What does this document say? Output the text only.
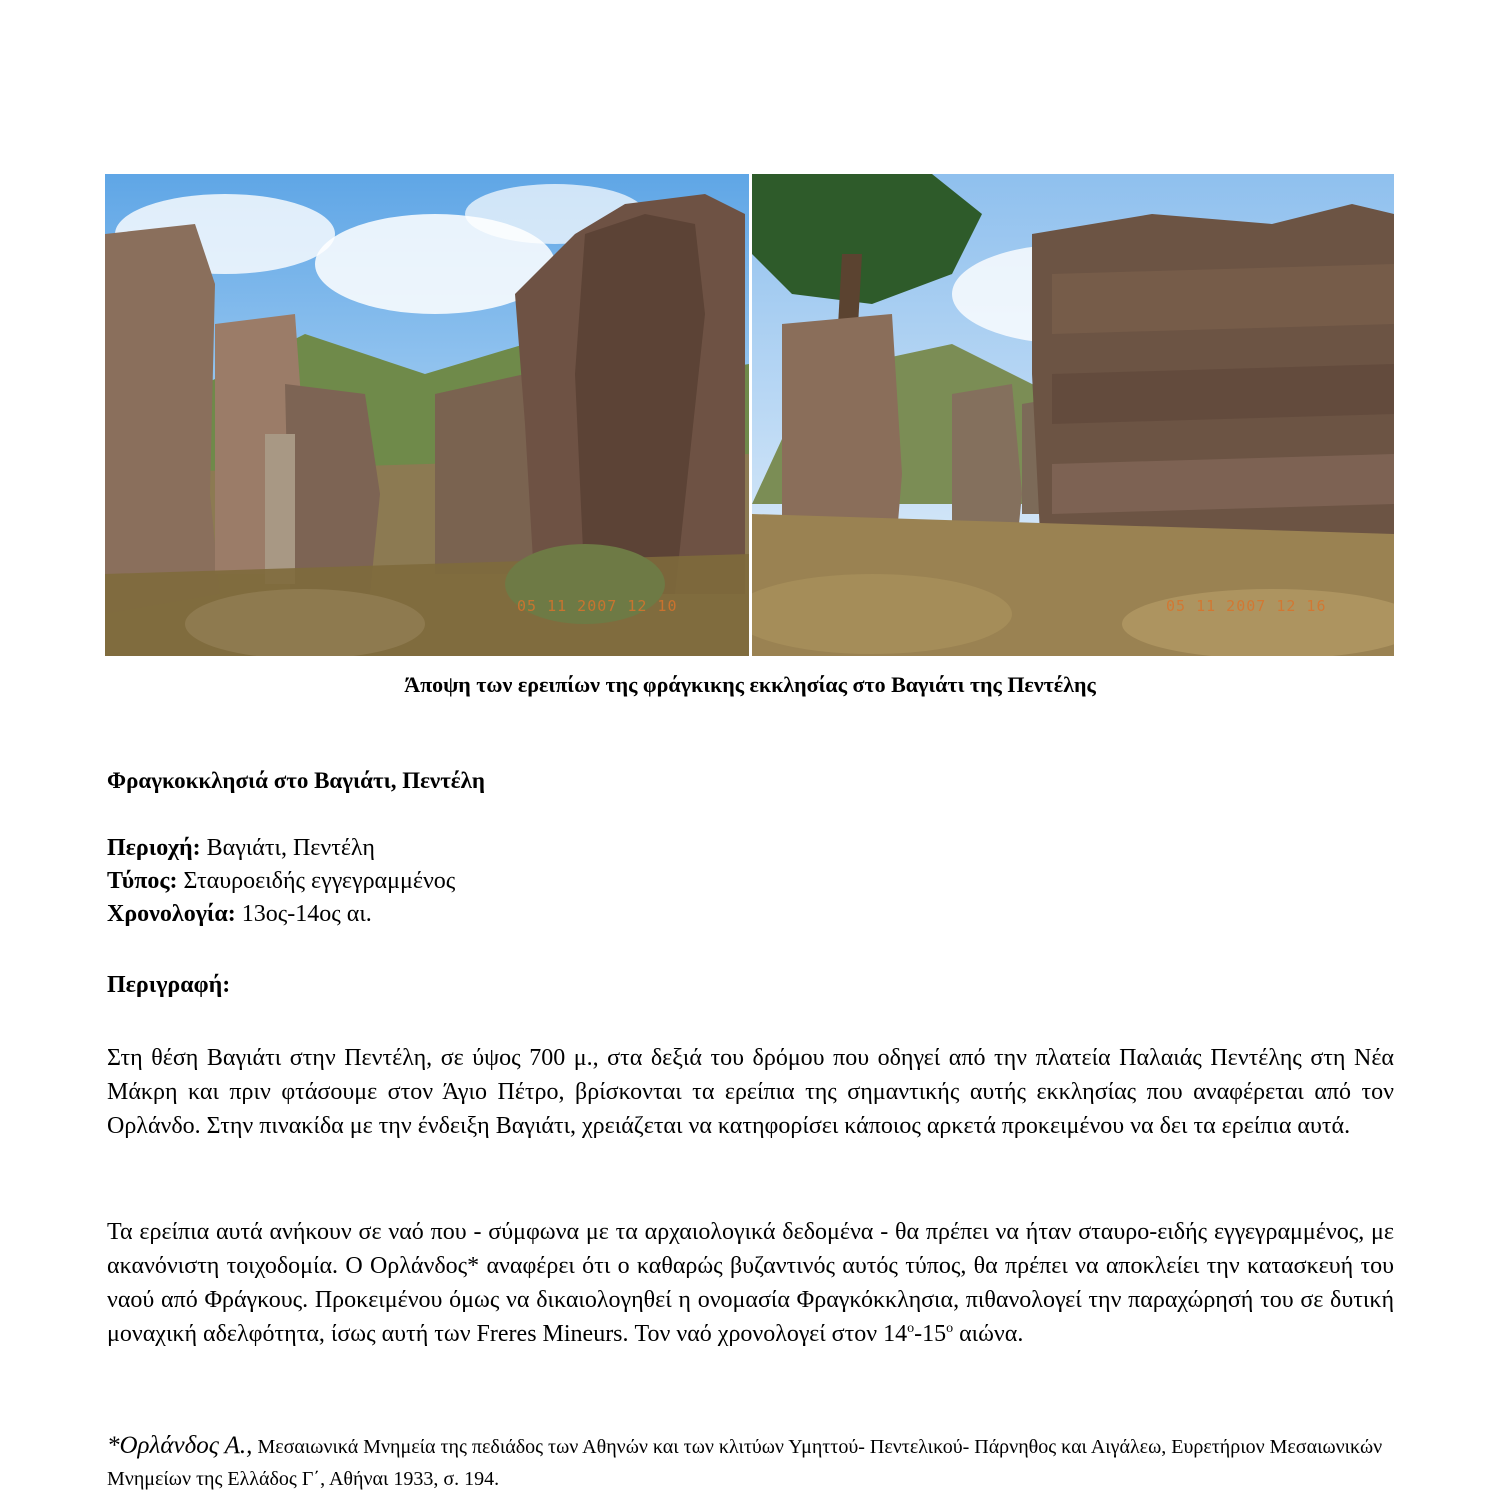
05 11 2007 12 10	05 11 2007 12 16
Άποψη των ερειπίων της φράγκικης εκκλησίας στο Βαγιάτι της Πεντέλης
Φραγκοκκλησιά στο Βαγιάτι, Πεντέλη
Περιοχή: Βαγιάτι, Πεντέλη
Τύπος: Σταυροειδής εγγεγραμμένος
Χρονολογία: 13ος-14ος αι.
Περιγραφή:

Στη θέση Βαγιάτι στην Πεντέλη, σε ύψος 700 μ., στα δεξιά του δρόμου που οδηγεί από την πλατεία Παλαιάς Πεντέλης στη Νέα Μάκρη και πριν φτάσουμε στον Άγιο Πέτρο, βρίσκονται τα ερείπια της σημαντικής αυτής εκκλησίας που αναφέρεται από τον Ορλάνδο. Στην πινακίδα με την ένδειξη Βαγιάτι, χρειάζεται να κατηφορίσει κάποιος αρκετά προκειμένου να δει τα ερείπια αυτά.

Τα ερείπια αυτά ανήκουν σε ναό που - σύμφωνα με τα αρχαιολογικά δεδομένα - θα πρέπει να ήταν σταυρο-ειδής εγγεγραμμένος, με ακανόνιστη τοιχοδομία. Ο Ορλάνδος* αναφέρει ότι ο καθαρώς βυζαντινός αυτός τύπος, θα πρέπει να αποκλείει την κατασκευή του ναού από Φράγκους. Προκειμένου όμως να δικαιολογηθεί η ονομασία Φραγκόκκλησια, πιθανολογεί την παραχώρησή του σε δυτική μοναχική αδελφότητα, ίσως αυτή των Freres Mineurs. Τον ναό χρονολογεί στον $14^o-15^o$ αιώνα.

*Ορλάνδος Α., Μεσαιωνικά Μνημεία της πεδιάδος των Αθηνών και των κλιτύων Υμηττού- Πεντελικού- Πάρνηθος και Αιγάλεω, Ευρετήριον Μεσαιωνικών Μνημείων της Ελλάδος Γ΄, Αθήναι 1933, σ. 194.
